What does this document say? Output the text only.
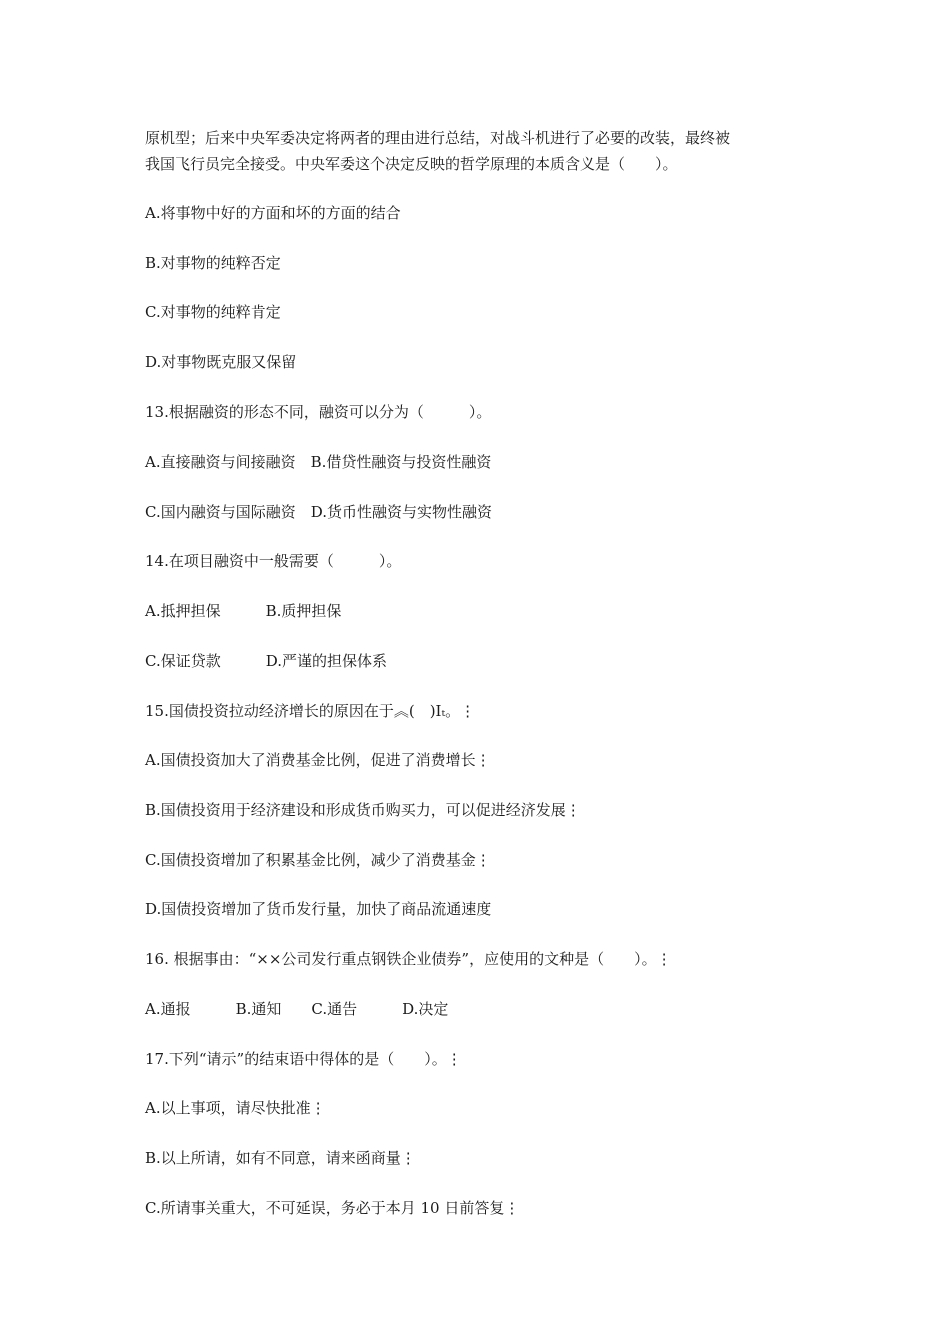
原机型；后来中央军委决定将两者的理由进行总结，对战斗机进行了必要的改装，最终被

我国飞行员完全接受。中央军委这个决定反映的哲学原理的本质含义是（　　）。

A.将事物中好的方面和坏的方面的结合

B.对事物的纯粹否定

C.对事物的纯粹肯定

D.对事物既克服又保留

13.根据融资的形态不同，融资可以分为（　　　）。

A.直接融资与间接融资　B.借贷性融资与投资性融资

C.国内融资与国际融资　D.货币性融资与实物性融资

14.在项目融资中一般需要（　　　）。

A.抵押担保　　　B.质押担保

C.保证贷款　　　D.严谨的担保体系

15.国债投资拉动经济增长的原因在于︽(　)Iₜ。⋮

A.国债投资加大了消费基金比例，促进了消费增长⋮

B.国债投资用于经济建设和形成货币购买力，可以促进经济发展⋮

C.国债投资增加了积累基金比例，减少了消费基金⋮

D.国债投资增加了货币发行量，加快了商品流通速度

16. 根据事由：“××公司发行重点钢铁企业债券”，应使用的文种是（　　）。⋮

A.通报　　　B.通知　　C.通告　　　D.决定

17.下列“请示”的结束语中得体的是（　　）。⋮

A.以上事项，请尽快批准⋮

B.以上所请，如有不同意，请来函商量⋮

C.所请事关重大，不可延误，务必于本月 10 日前答复⋮
